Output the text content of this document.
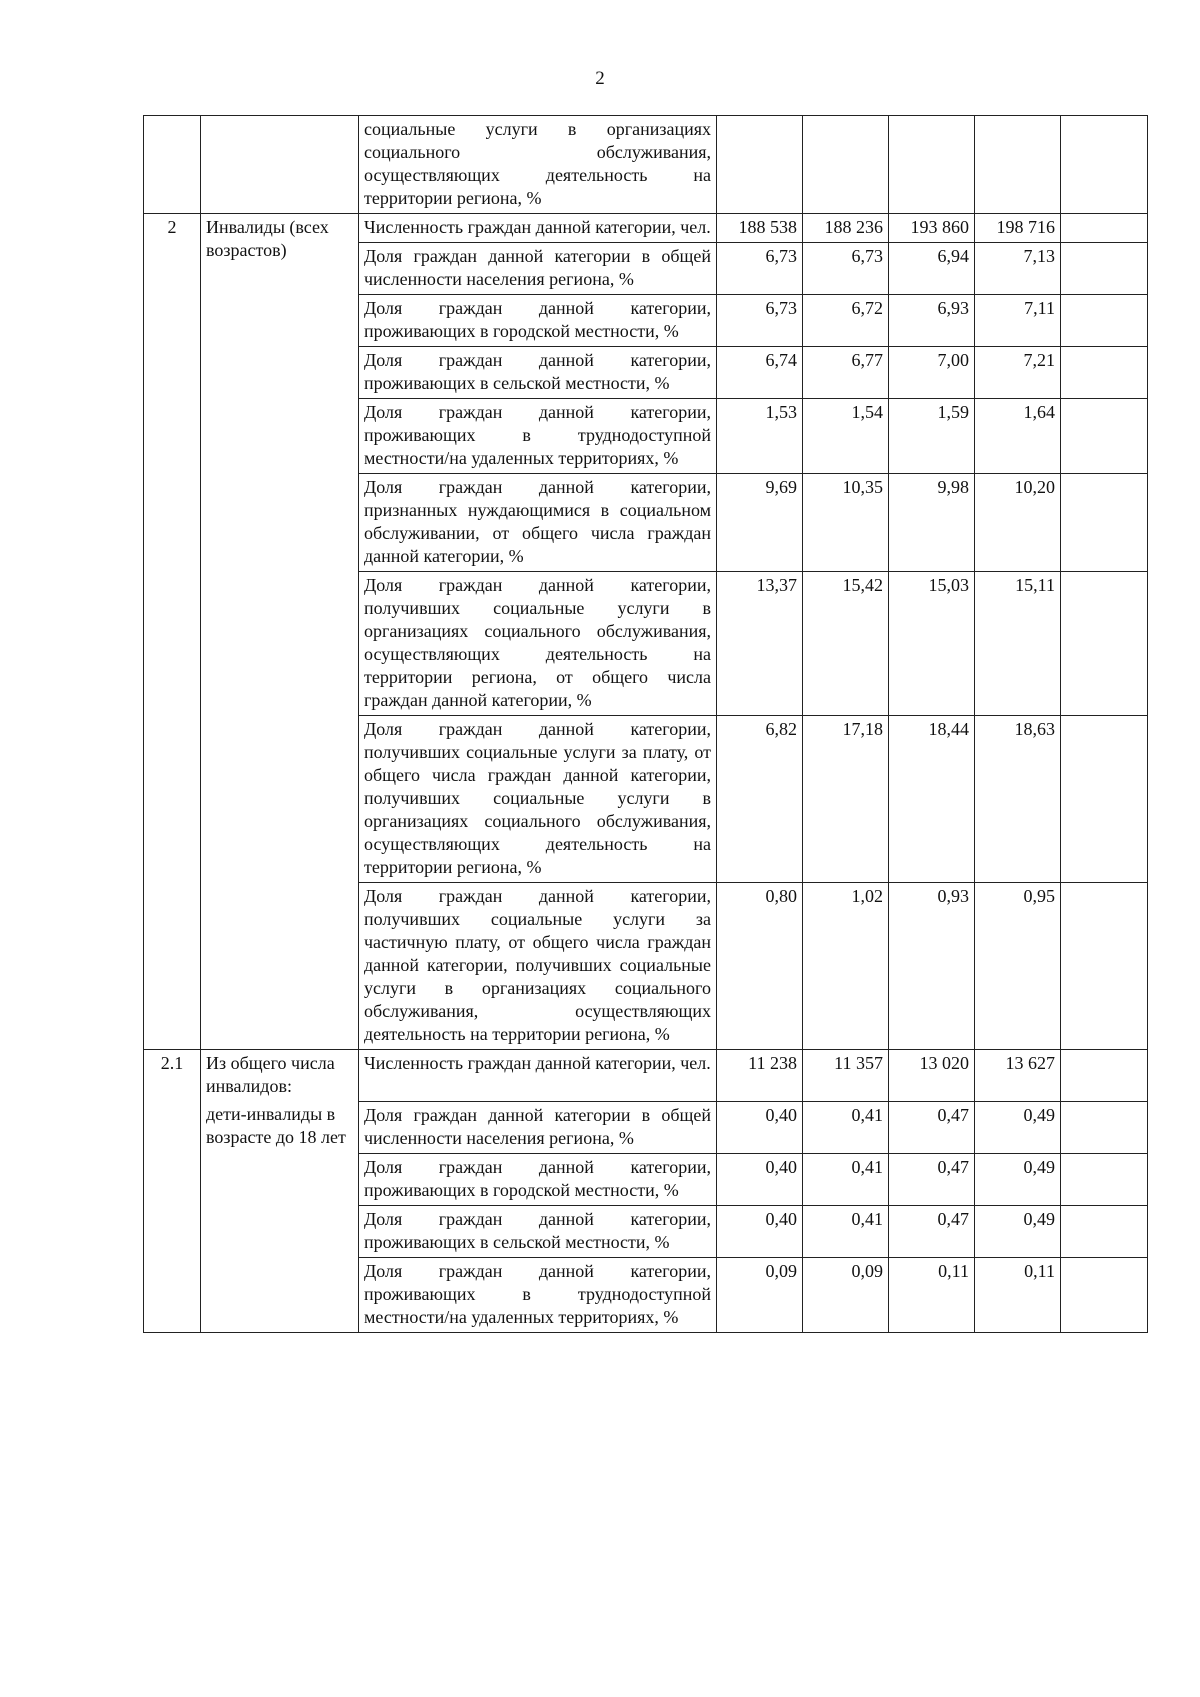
2
		социальные услуги в организациях социального обслуживания, осуществляющих деятельность на территории региона, %					
2	Инвалиды (всех возрастов)	Численность граждан данной категории, чел.	188 538	188 236	193 860	198 716	
		Доля граждан данной категории в общей численности населения региона, %	6,73	6,73	6,94	7,13	
		Доля граждан данной категории, проживающих в городской местности, %	6,73	6,72	6,93	7,11	
		Доля граждан данной категории, проживающих в сельской местности, %	6,74	6,77	7,00	7,21	
		Доля граждан данной категории, проживающих в труднодоступной местности/на удаленных территориях, %	1,53	1,54	1,59	1,64	
		Доля граждан данной категории, признанных нуждающимися в социальном обслуживании, от общего числа граждан данной категории, %	9,69	10,35	9,98	10,20	
		Доля граждан данной категории, получивших социальные услуги в организациях социального обслуживания, осуществляющих деятельность на территории региона, от общего числа граждан данной категории, %	13,37	15,42	15,03	15,11	
		Доля граждан данной категории, получивших социальные услуги за плату, от общего числа граждан данной категории, получивших социальные услуги в организациях социального обслуживания, осуществляющих деятельность на территории региона, %	6,82	17,18	18,44	18,63	
		Доля граждан данной категории, получивших социальные услуги за частичную плату, от общего числа граждан данной категории, получивших социальные услуги в организациях социального обслуживания, осуществляющих деятельность на территории региона, %	0,80	1,02	0,93	0,95	
2.1	Из общего числа инвалидов:	Численность граждан данной категории, чел.	11 238	11 357	13 020	13 627	
	дети-инвалиды в возрасте до 18 лет	Доля граждан данной категории в общей численности населения региона, %	0,40	0,41	0,47	0,49	
		Доля граждан данной категории, проживающих в городской местности, %	0,40	0,41	0,47	0,49	
		Доля граждан данной категории, проживающих в сельской местности, %	0,40	0,41	0,47	0,49	
		Доля граждан данной категории, проживающих в труднодоступной местности/на удаленных территориях, %	0,09	0,09	0,11	0,11	
